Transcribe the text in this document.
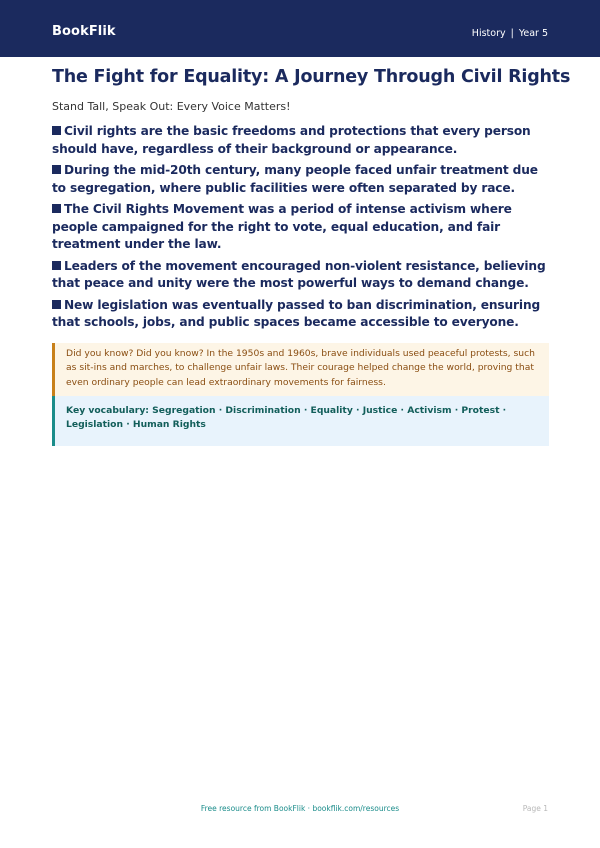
BookFlik	History | Year 5
The Fight for Equality: A Journey Through Civil Rights
Stand Tall, Speak Out: Every Voice Matters!
Civil rights are the basic freedoms and protections that every person should have, regardless of their background or appearance.
During the mid-20th century, many people faced unfair treatment due to segregation, where public facilities were often separated by race.
The Civil Rights Movement was a period of intense activism where people campaigned for the right to vote, equal education, and fair treatment under the law.
Leaders of the movement encouraged non-violent resistance, believing that peace and unity were the most powerful ways to demand change.
New legislation was eventually passed to ban discrimination, ensuring that schools, jobs, and public spaces became accessible to everyone.
Did you know? Did you know? In the 1950s and 1960s, brave individuals used peaceful protests, such as sit-ins and marches, to challenge unfair laws. Their courage helped change the world, proving that even ordinary people can lead extraordinary movements for fairness.
Key vocabulary: Segregation · Discrimination · Equality · Justice · Activism · Protest · Legislation · Human Rights
Free resource from BookFlik · bookflik.com/resources	Page 1
